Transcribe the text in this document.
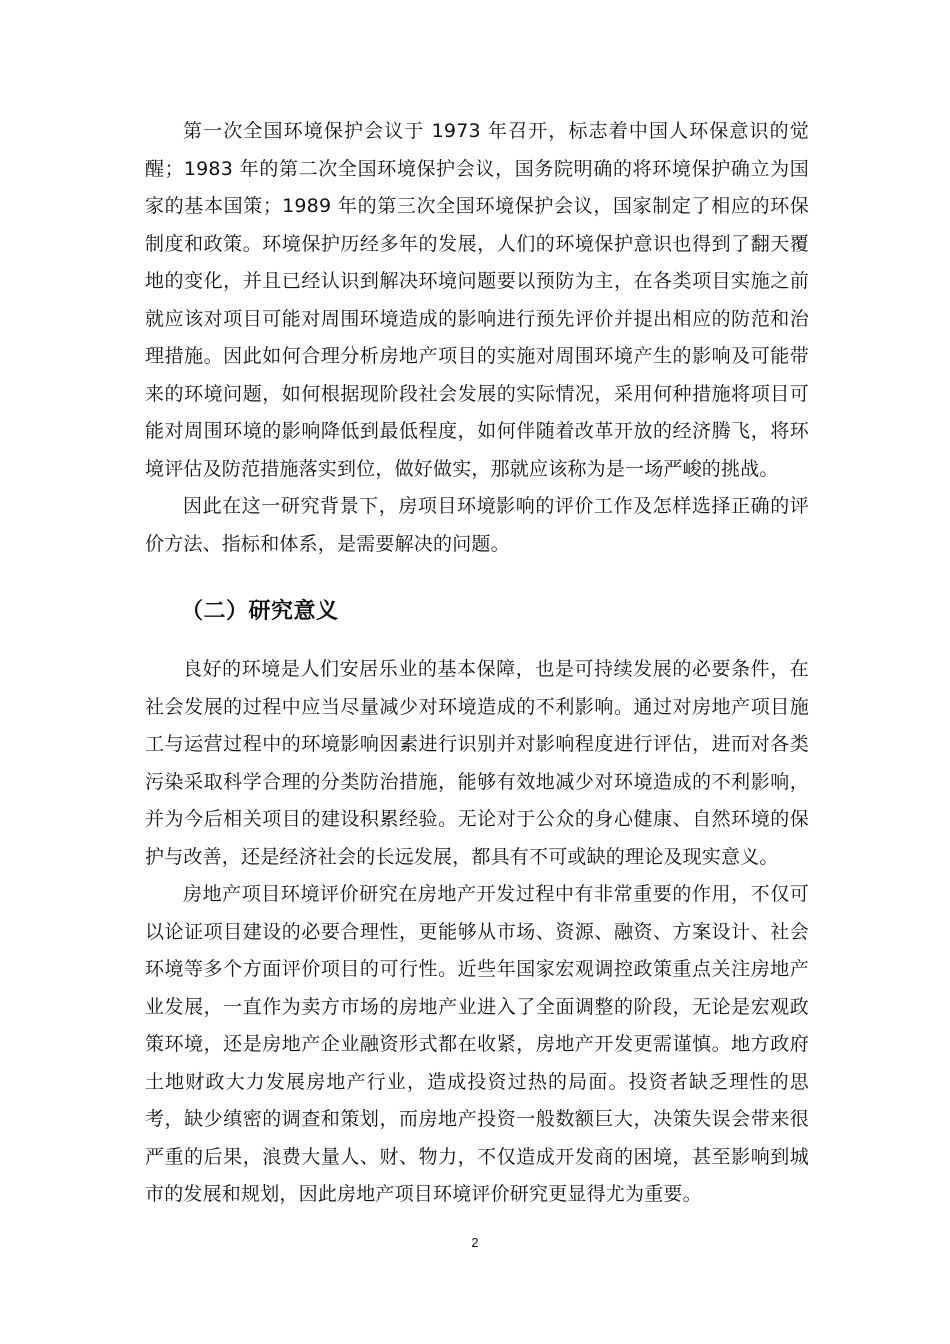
第一次全国环境保护会议于 1973 年召开，标志着中国人环保意识的觉醒；1983 年的第二次全国环境保护会议，国务院明确的将环境保护确立为国家的基本国策；1989 年的第三次全国环境保护会议，国家制定了相应的环保制度和政策。环境保护历经多年的发展，人们的环境保护意识也得到了翻天覆地的变化，并且已经认识到解决环境问题要以预防为主，在各类项目实施之前就应该对项目可能对周围环境造成的影响进行预先评价并提出相应的防范和治理措施。因此如何合理分析房地产项目的实施对周围环境产生的影响及可能带来的环境问题，如何根据现阶段社会发展的实际情况，采用何种措施将项目可能对周围环境的影响降低到最低程度，如何伴随着改革开放的经济腾飞，将环境评估及防范措施落实到位，做好做实，那就应该称为是一场严峻的挑战。

因此在这一研究背景下，房项目环境影响的评价工作及怎样选择正确的评价方法、指标和体系，是需要解决的问题。

（二）研究意义

良好的环境是人们安居乐业的基本保障，也是可持续发展的必要条件，在社会发展的过程中应当尽量减少对环境造成的不利影响。通过对房地产项目施工与运营过程中的环境影响因素进行识别并对影响程度进行评估，进而对各类污染采取科学合理的分类防治措施，能够有效地减少对环境造成的不利影响，并为今后相关项目的建设积累经验。无论对于公众的身心健康、自然环境的保护与改善，还是经济社会的长远发展，都具有不可或缺的理论及现实意义。

房地产项目环境评价研究在房地产开发过程中有非常重要的作用，不仅可以论证项目建设的必要合理性，更能够从市场、资源、融资、方案设计、社会环境等多个方面评价项目的可行性。近些年国家宏观调控政策重点关注房地产业发展，一直作为卖方市场的房地产业进入了全面调整的阶段，无论是宏观政策环境，还是房地产企业融资形式都在收紧，房地产开发更需谨慎。地方政府土地财政大力发展房地产行业，造成投资过热的局面。投资者缺乏理性的思考，缺少缜密的调查和策划，而房地产投资一般数额巨大，决策失误会带来很严重的后果，浪费大量人、财、物力，不仅造成开发商的困境，甚至影响到城市的发展和规划，因此房地产项目环境评价研究更显得尤为重要。

2
